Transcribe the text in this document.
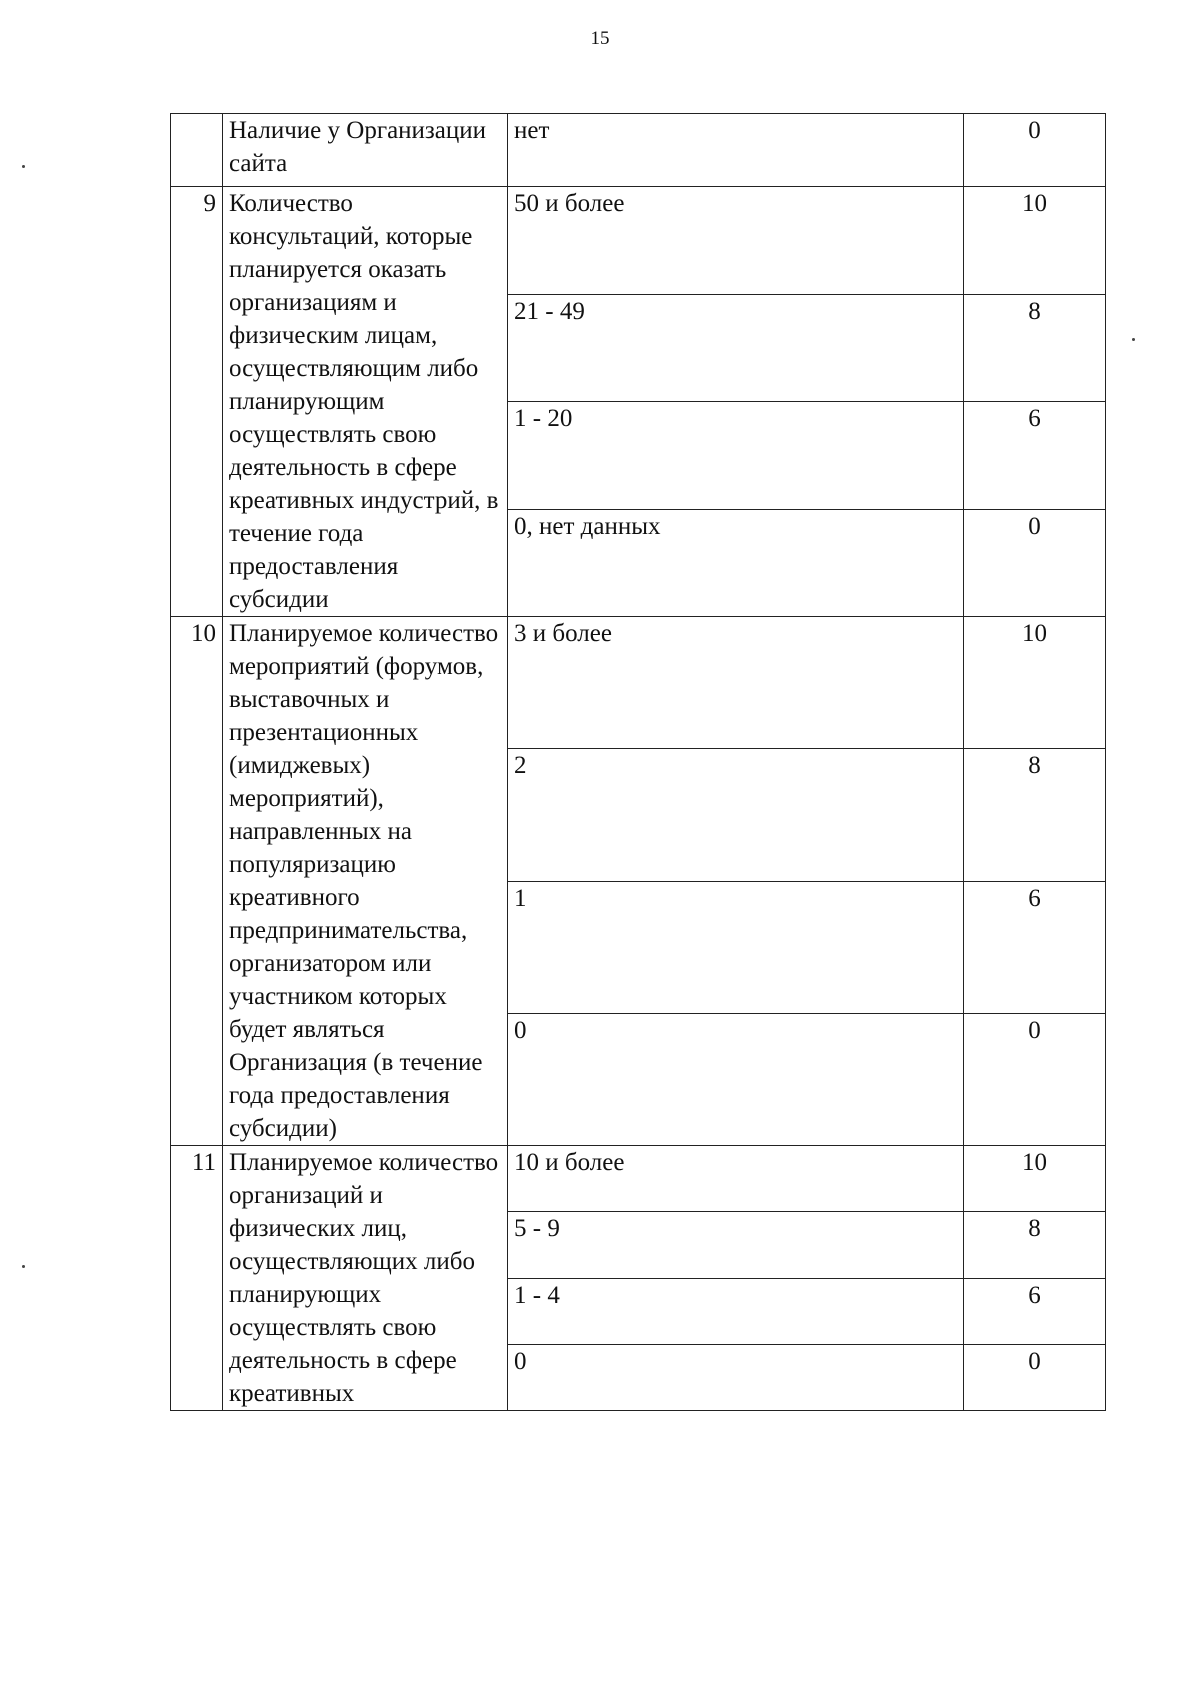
15
	Наличие у Организации сайта	нет	0
9	Количество консультаций, которые планируется оказать организациям и физическим лицам, осуществляющим либо планирующим осуществлять свою деятельность в сфере креативных индустрий, в течение года предоставления субсидии	50 и более	10
		21 - 49	8
		1 - 20	6
		0, нет данных	0
10	Планируемое количество мероприятий (форумов, выставочных и презентационных (имиджевых) мероприятий), направленных на популяризацию креативного предпринимательства, организатором или участником которых будет являться Организация (в течение года предоставления субсидии)	3 и более	10
		2	8
		1	6
		0	0
11	Планируемое количество организаций и физических лиц, осуществляющих либо планирующих осуществлять свою деятельность в сфере креативных	10 и более	10
		5 - 9	8
		1 - 4	6
		0	0
